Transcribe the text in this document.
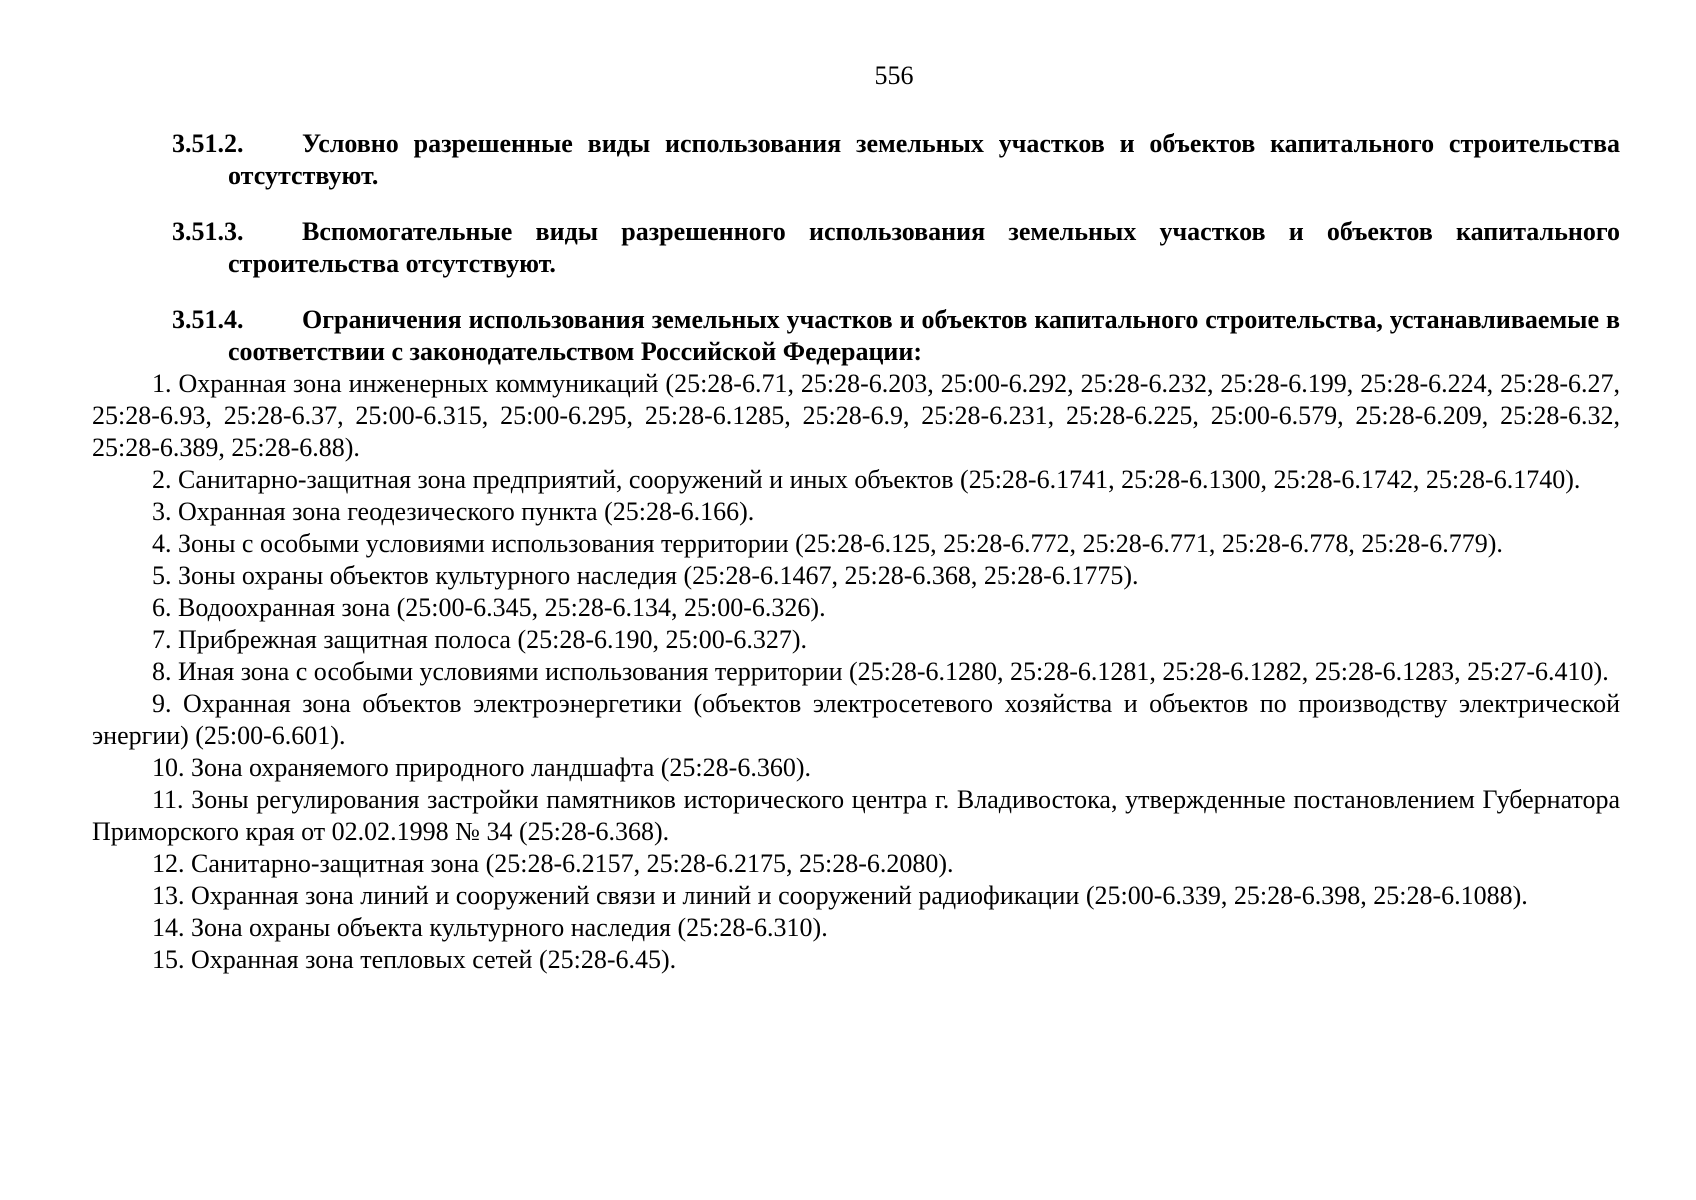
556
3.51.2. Условно разрешенные виды использования земельных участков и объектов капитального строительства отсутствуют.
3.51.3. Вспомогательные виды разрешенного использования земельных участков и объектов капитального строительства отсутствуют.
3.51.4. Ограничения использования земельных участков и объектов капитального строительства, устанавливаемые в соответствии с законодательством Российской Федерации:

1. Охранная зона инженерных коммуникаций (25:28-6.71, 25:28-6.203, 25:00-6.292, 25:28-6.232, 25:28-6.199, 25:28-6.224, 25:28-6.27, 25:28-6.93, 25:28-6.37, 25:00-6.315, 25:00-6.295, 25:28-6.1285, 25:28-6.9, 25:28-6.231, 25:28-6.225, 25:00-6.579, 25:28-6.209, 25:28-6.32, 25:28-6.389, 25:28-6.88).

2. Санитарно-защитная зона предприятий, сооружений и иных объектов (25:28-6.1741, 25:28-6.1300, 25:28-6.1742, 25:28-6.1740).

3. Охранная зона геодезического пункта (25:28-6.166).

4. Зоны с особыми условиями использования территории (25:28-6.125, 25:28-6.772, 25:28-6.771, 25:28-6.778, 25:28-6.779).

5. Зоны охраны объектов культурного наследия (25:28-6.1467, 25:28-6.368, 25:28-6.1775).

6. Водоохранная зона (25:00-6.345, 25:28-6.134, 25:00-6.326).

7. Прибрежная защитная полоса (25:28-6.190, 25:00-6.327).

8. Иная зона с особыми условиями использования территории (25:28-6.1280, 25:28-6.1281, 25:28-6.1282, 25:28-6.1283, 25:27-6.410).

9. Охранная зона объектов электроэнергетики (объектов электросетевого хозяйства и объектов по производству электрической энергии) (25:00-6.601).

10. Зона охраняемого природного ландшафта (25:28-6.360).

11. Зоны регулирования застройки памятников исторического центра г. Владивостока, утвержденные постановлением Губернатора Приморского края от 02.02.1998 № 34 (25:28-6.368).

12. Санитарно-защитная зона (25:28-6.2157, 25:28-6.2175, 25:28-6.2080).

13. Охранная зона линий и сооружений связи и линий и сооружений радиофикации (25:00-6.339, 25:28-6.398, 25:28-6.1088).

14. Зона охраны объекта культурного наследия (25:28-6.310).

15. Охранная зона тепловых сетей (25:28-6.45).
